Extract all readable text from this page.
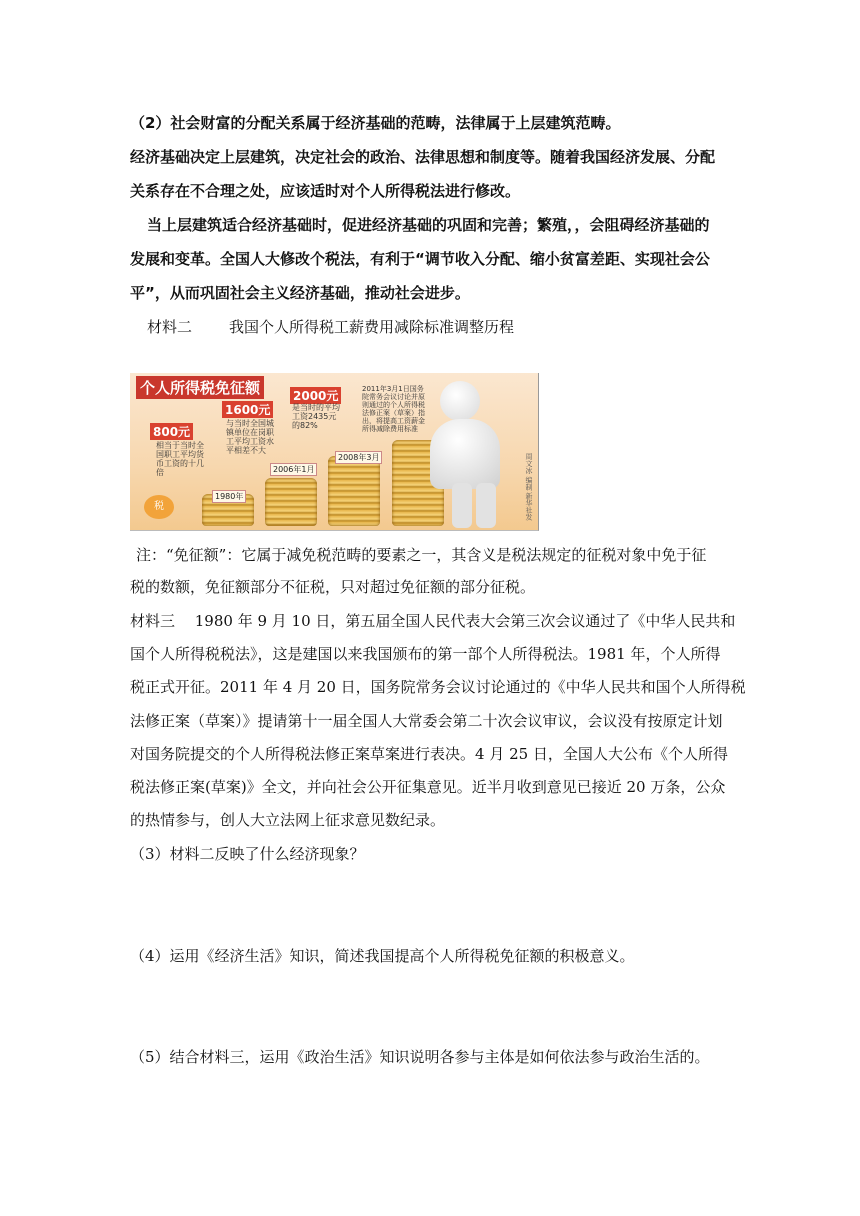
（2）社会财富的分配关系属于经济基础的范畴，法律属于上层建筑范畴。
经济基础决定上层建筑，决定社会的政治、法律思想和制度等。随着我国经济发展、分配
关系存在不合理之处，应该适时对个人所得税法进行修改。
当上层建筑适合经济基础时，促进经济基础的巩固和完善；繁殖，，会阻碍经济基础的
发展和变革。全国人大修改个税法，有利于“调节收入分配、缩小贫富差距、实现社会公
平”，从而巩固社会主义经济基础，推动社会进步。
材料二 我国个人所得税工薪费用减除标准调整历程
个人所得税免征额
800元
1600元
2000元
相当于当时全国职工平均货币工资的十几倍
与当时全国城镇单位在岗职工平均工资水平相差不大
是当时的平均工资2435元的82%
2011年3月1日国务院常务会议讨论并原则通过的个人所得税法修正案（草案）指出，将提高工资薪金所得减除费用标准
1980年
2006年1月
2008年3月
税	周文冰 编制 新华社发
注：“免征额”：它属于减免税范畴的要素之一，其含义是税法规定的征税对象中免于征
税的数额，免征额部分不征税，只对超过免征额的部分征税。
材料三　 1980 年 9 月 10 日，第五届全国人民代表大会第三次会议通过了《中华人民共和
国个人所得税税法》，这是建国以来我国颁布的第一部个人所得税法。1981 年，个人所得
税正式开征。2011 年 4 月 20 日，国务院常务会议讨论通过的《中华人民共和国个人所得税
法修正案（草案）》提请第十一届全国人大常委会第二十次会议审议，会议没有按原定计划
对国务院提交的个人所得税法修正案草案进行表决。4 月 25 日，全国人大公布《个人所得
税法修正案(草案)》全文，并向社会公开征集意见。近半月收到意见已接近 20 万条，公众
的热情参与，创人大立法网上征求意见数纪录。
（3）材料二反映了什么经济现象？
（4）运用《经济生活》知识，简述我国提高个人所得税免征额的积极意义。
（5）结合材料三，运用《政治生活》知识说明各参与主体是如何依法参与政治生活的。
